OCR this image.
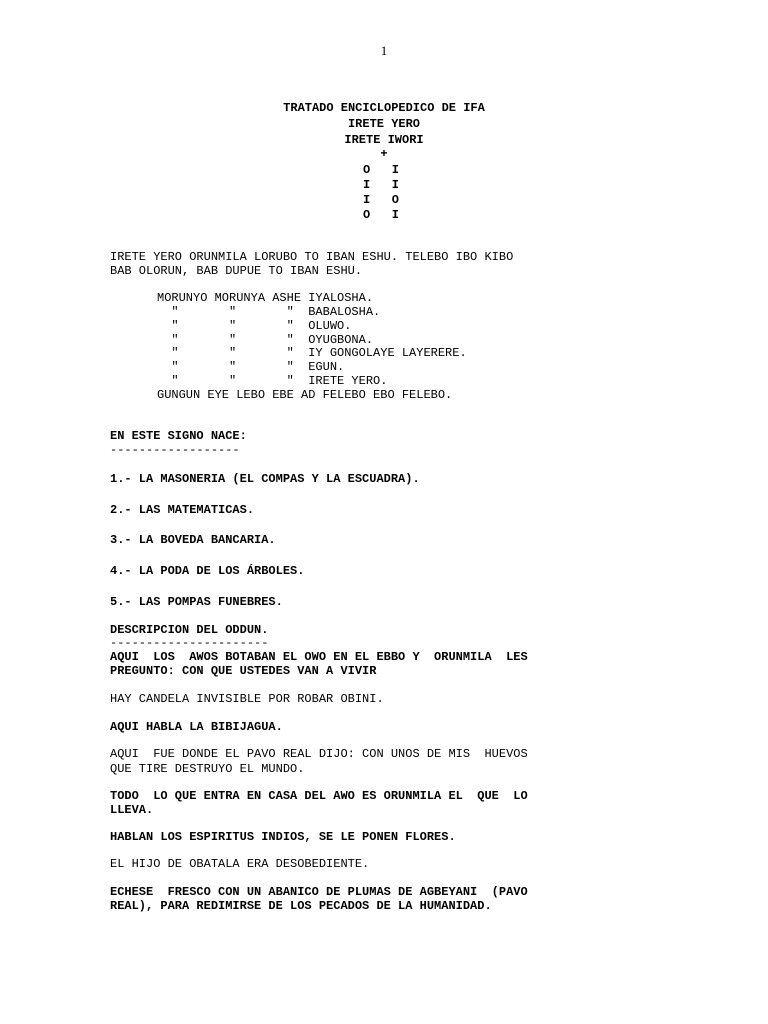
1
TRATADO ENCICLOPEDICO DE IFA
IRETE YERO
IRETE IWORI
+
O   I
I   I
I   O
O   I
IRETE YERO ORUNMILA LORUBO TO IBAN ESHU. TELEBO IBO KIBO
BAB OLORUN, BAB DUPUE TO IBAN ESHU.
MORUNYO MORUNYA ASHE IYALOSHA.
"       "       "  BABALOSHA.
"       "       "  OLUWO.
"       "       "  OYUGBONA.
"       "       "  IY GONGOLAYE LAYERERE.
"       "       "  EGUN.
"       "       "  IRETE YERO.
GUNGUN EYE LEBO EBE AD FELEBO EBO FELEBO.
EN ESTE SIGNO NACE:
------------------
1.- LA MASONERIA (EL COMPAS Y LA ESCUADRA).
2.- LAS MATEMATICAS.
3.- LA BOVEDA BANCARIA.
4.- LA PODA DE LOS ÁRBOLES.
5.- LAS POMPAS FUNEBRES.
DESCRIPCION DEL ODDUN.
----------------------
AQUI  LOS  AWOS BOTABAN EL OWO EN EL EBBO Y  ORUNMILA  LES
PREGUNTO: CON QUE USTEDES VAN A VIVIR
HAY CANDELA INVISIBLE POR ROBAR OBINI.
AQUI HABLA LA BIBIJAGUA.
AQUI  FUE DONDE EL PAVO REAL DIJO: CON UNOS DE MIS  HUEVOS
QUE TIRE DESTRUYO EL MUNDO.
TODO  LO QUE ENTRA EN CASA DEL AWO ES ORUNMILA EL  QUE  LO
LLEVA.
HABLAN LOS ESPIRITUS INDIOS, SE LE PONEN FLORES.
EL HIJO DE OBATALA ERA DESOBEDIENTE.
ECHESE  FRESCO CON UN ABANICO DE PLUMAS DE AGBEYANI  (PAVO
REAL), PARA REDIMIRSE DE LOS PECADOS DE LA HUMANIDAD.
